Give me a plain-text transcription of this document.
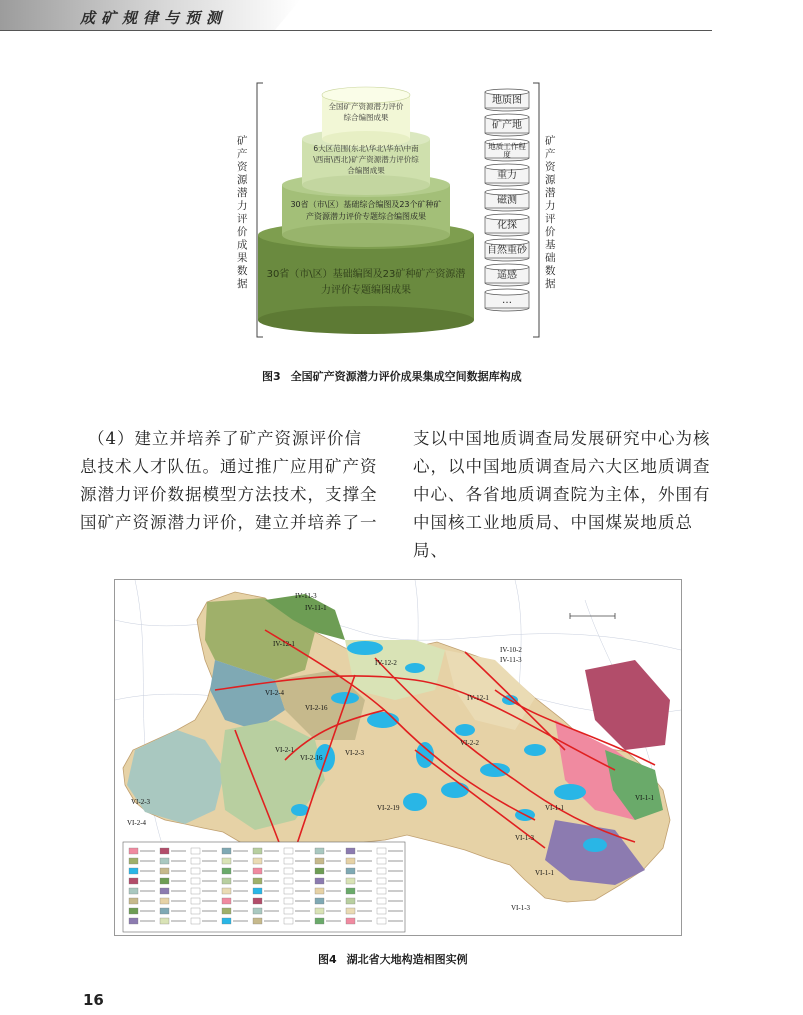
成矿规律与预测
全国矿产资源潜力评价综合编图成果
6大区范围(东北\华北\华东\中南\西南\西北)矿产资源潜力评价综合编图成果
30省（市\区）基础综合编图及23个矿种矿产资源潜力评价专题综合编图成果
30省（市\区）基础编图及23矿种矿产资源潜力评价专题编图成果
矿产资源潜力评价成果数据
矿产资源潜力评价基础数据
地质图
矿产地
地质工作程度
重力
磁测
化探
自然重砂
遥感
…
图3 全国矿产资源潜力评价成果集成空间数据库构成

（4）建立并培养了矿产资源评价信

息技术人才队伍。通过推广应用矿产资

源潜力评价数据模型方法技术，支撑全

国矿产资源潜力评价，建立并培养了一

支以中国地质调查局发展研究中心为核

心，以中国地质调查局六大区地质调查

中心、各省地质调查院为主体，外围有

中国核工业地质局、中国煤炭地质总局、

IV-11-3
IV-11-1
IV-12-1
IV-12-2
IV-10-2
IV-11-3
IV-12-1
VI-2-4
VI-2-16
VI-2-3
VI-2-1
VI-2-2
VI-1-1
VI-2-19
VI-1-3
VI-2-3
VI-2-4
VI-2-16
VI-1-1
VI-1-3
VI-1-1
图4 湖北省大地构造相图实例
16
